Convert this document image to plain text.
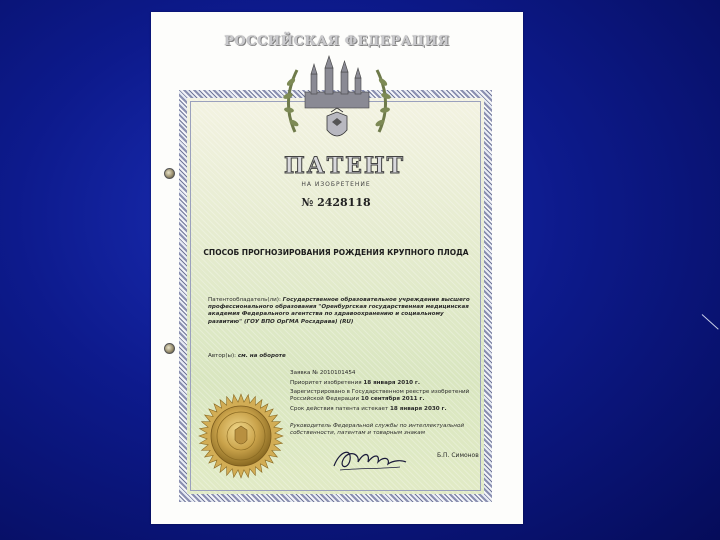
РОССИЙСКАЯ ФЕДЕРАЦИЯ
ПАТЕНТ
НА ИЗОБРЕТЕНИЕ
№ 2428118
СПОСОБ ПРОГНОЗИРОВАНИЯ РОЖДЕНИЯ КРУПНОГО ПЛОДА
Патентообладатель(ли): Государственное образовательное учреждение высшего профессионального образования "Оренбургская государственная медицинская академия Федерального агентства по здравоохранению и социальному развитию" (ГОУ ВПО ОрГМА Росздрава) (RU)
Автор(ы): см. на обороте
Заявка № 2010101454
Приоритет изобретения 18 января 2010 г.
Зарегистрировано в Государственном реестре изобретений Российской Федерации 10 сентября 2011 г.
Срок действия патента истекает 18 января 2030 г.
Руководитель Федеральной службы по интеллектуальной собственности, патентам и товарным знакам
Б.П. Симонов
